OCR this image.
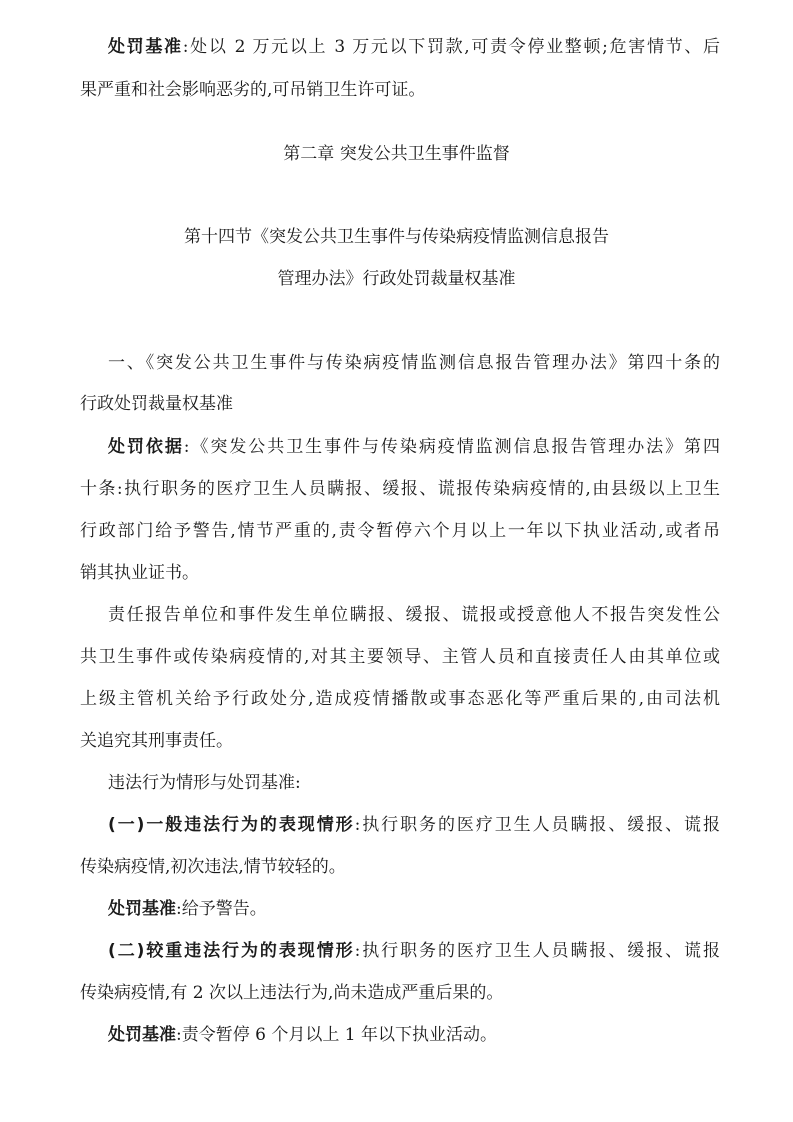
处罚基准:处以 2 万元以上 3 万元以下罚款,可责令停业整顿;危害情节、后
果严重和社会影响恶劣的,可吊销卫生许可证。
第二章 突发公共卫生事件监督
第十四节《突发公共卫生事件与传染病疫情监测信息报告
管理办法》行政处罚裁量权基准
一、《突发公共卫生事件与传染病疫情监测信息报告管理办法》第四十条的
行政处罚裁量权基准
处罚依据:《突发公共卫生事件与传染病疫情监测信息报告管理办法》第四
十条:执行职务的医疗卫生人员瞒报、缓报、谎报传染病疫情的,由县级以上卫生
行政部门给予警告,情节严重的,责令暂停六个月以上一年以下执业活动,或者吊
销其执业证书。
责任报告单位和事件发生单位瞒报、缓报、谎报或授意他人不报告突发性公
共卫生事件或传染病疫情的,对其主要领导、主管人员和直接责任人由其单位或
上级主管机关给予行政处分,造成疫情播散或事态恶化等严重后果的,由司法机
关追究其刑事责任。
违法行为情形与处罚基准:
(一)一般违法行为的表现情形:执行职务的医疗卫生人员瞒报、缓报、谎报
传染病疫情,初次违法,情节较轻的。
处罚基准:给予警告。
(二)较重违法行为的表现情形:执行职务的医疗卫生人员瞒报、缓报、谎报
传染病疫情,有 2 次以上违法行为,尚未造成严重后果的。
处罚基准:责令暂停 6 个月以上 1 年以下执业活动。
